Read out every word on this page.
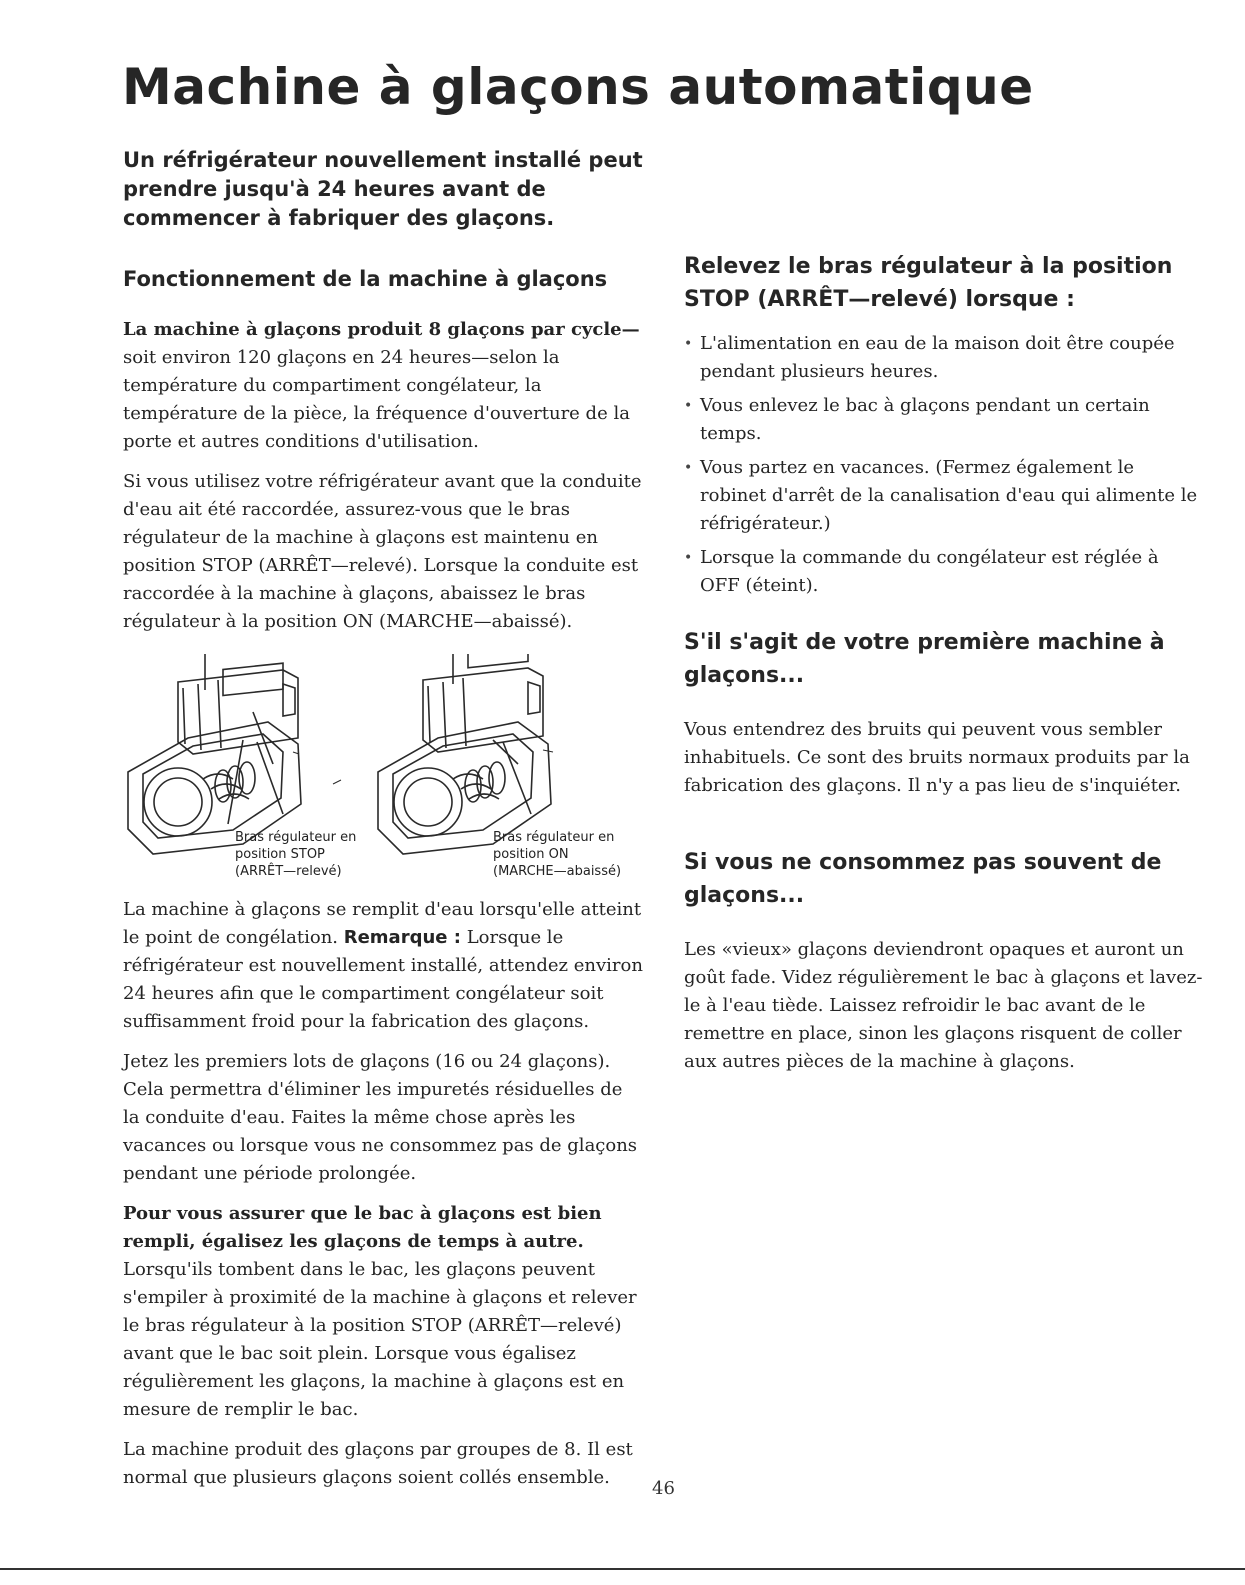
Machine à glaçons automatique

Un réfrigérateur nouvellement installé peut prendre jusqu'à 24 heures avant de commencer à fabriquer des glaçons.

Fonctionnement de la machine à glaçons

La machine à glaçons produit 8 glaçons par cycle— soit environ 120 glaçons en 24 heures—selon la température du compartiment congélateur, la température de la pièce, la fréquence d'ouverture de la porte et autres conditions d'utilisation.

Si vous utilisez votre réfrigérateur avant que la conduite d'eau ait été raccordée, assurez-vous que le bras régulateur de la machine à glaçons est maintenu en position STOP (ARRÊT—relevé). Lorsque la conduite est raccordée à la machine à glaçons, abaissez le bras régulateur à la position ON (MARCHE—abaissé).

Bras régulateur en
position STOP
(ARRÊT—relevé)
Bras régulateur en
position ON
(MARCHE—abaissé)

La machine à glaçons se remplit d'eau lorsqu'elle atteint le point de congélation. Remarque : Lorsque le réfrigérateur est nouvellement installé, attendez environ 24 heures afin que le compartiment congélateur soit suffisamment froid pour la fabrication des glaçons.

Jetez les premiers lots de glaçons (16 ou 24 glaçons). Cela permettra d'éliminer les impuretés résiduelles de la conduite d'eau. Faites la même chose après les vacances ou lorsque vous ne consommez pas de glaçons pendant une période prolongée.

Pour vous assurer que le bac à glaçons est bien rempli, égalisez les glaçons de temps à autre.

Lorsqu'ils tombent dans le bac, les glaçons peuvent s'empiler à proximité de la machine à glaçons et relever le bras régulateur à la position STOP (ARRÊT—relevé) avant que le bac soit plein. Lorsque vous égalisez régulièrement les glaçons, la machine à glaçons est en mesure de remplir le bac.

La machine produit des glaçons par groupes de 8. Il est normal que plusieurs glaçons soient collés ensemble.

Relevez le bras régulateur à la position STOP (ARRÊT—relevé) lorsque :
• L'alimentation en eau de la maison doit être coupée pendant plusieurs heures.
• Vous enlevez le bac à glaçons pendant un certain temps.
• Vous partez en vacances. (Fermez également le robinet d'arrêt de la canalisation d'eau qui alimente le réfrigérateur.)
• Lorsque la commande du congélateur est réglée à OFF (éteint).
S'il s'agit de votre première machine à glaçons...

Vous entendrez des bruits qui peuvent vous sembler inhabituels. Ce sont des bruits normaux produits par la fabrication des glaçons. Il n'y a pas lieu de s'inquiéter.

Si vous ne consommez pas souvent de glaçons...

Les «vieux» glaçons deviendront opaques et auront un goût fade. Videz régulièrement le bac à glaçons et lavez-le à l'eau tiède. Laissez refroidir le bac avant de le remettre en place, sinon les glaçons risquent de coller aux autres pièces de la machine à glaçons.

46
